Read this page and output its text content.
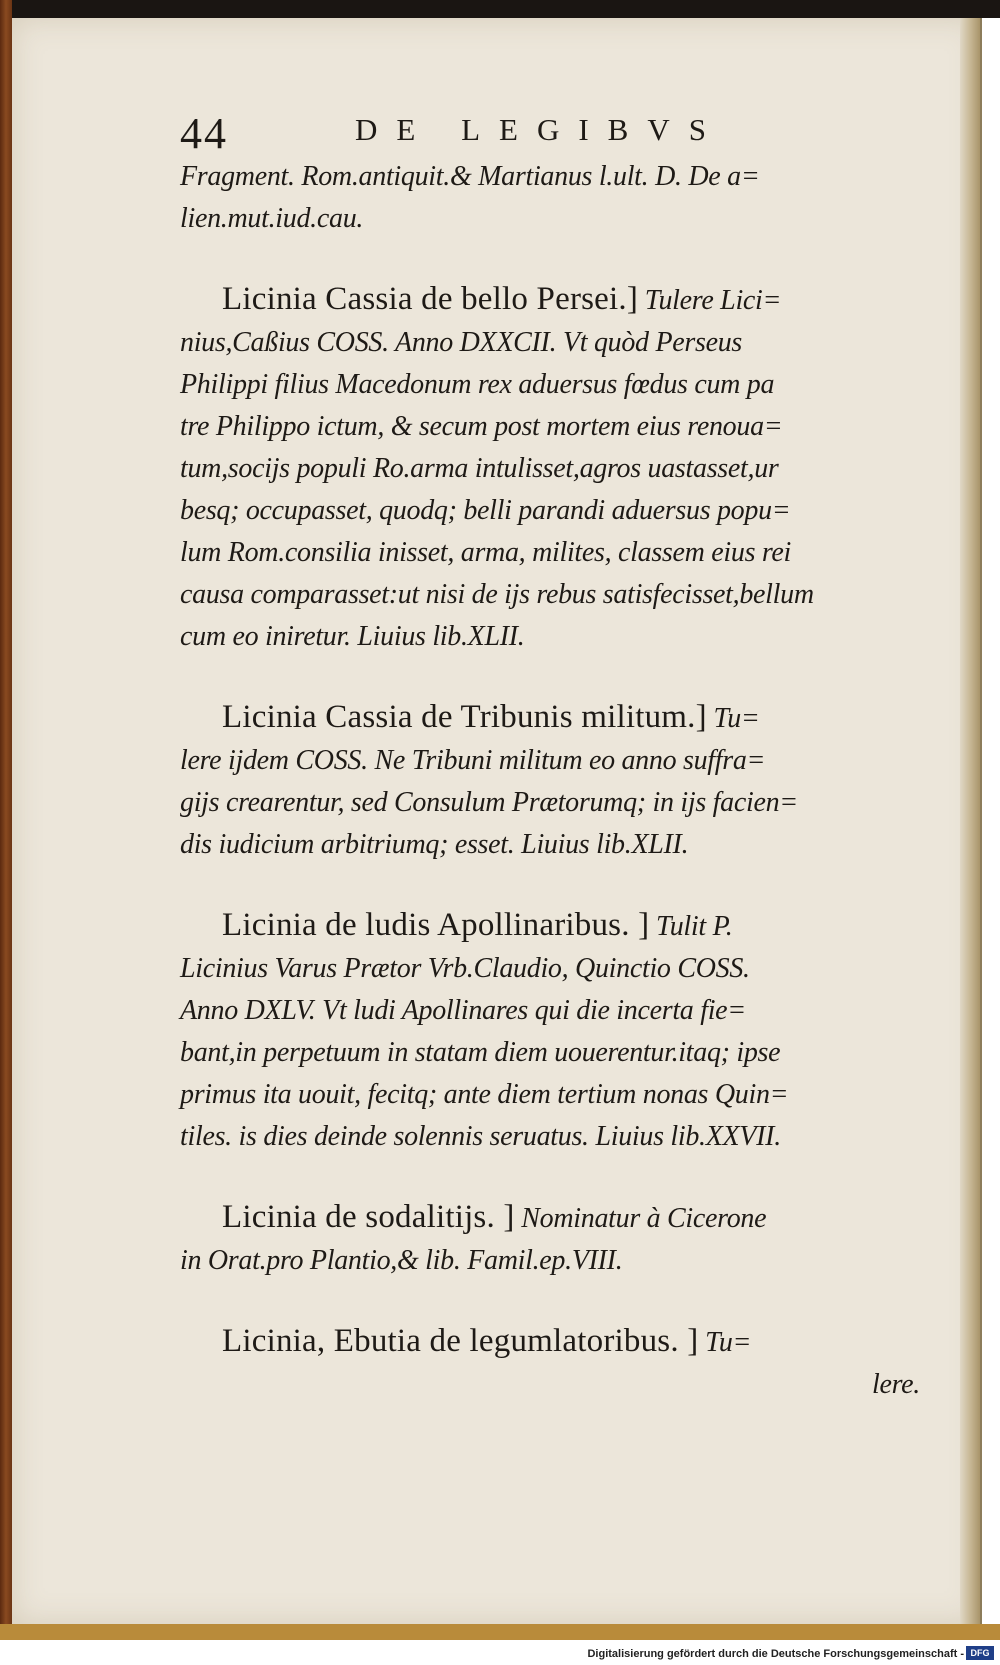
44	DE LEGIBVS
Fragment. Rom.antiquit.& Martianus l.ult. D. De a=
lien.mut.iud.cau.
Licinia Cassia de bello Persei.] Tulere Lici=
nius,Caßius COSS. Anno DXXCII. Vt quòd Perseus
Philippi filius Macedonum rex aduersus fœdus cum pa
tre Philippo ictum, & secum post mortem eius renoua=
tum,socijs populi Ro.arma intulisset,agros uastasset,ur
besq; occupasset, quodq; belli parandi aduersus popu=
lum Rom.consilia inisset, arma, milites, classem eius rei
causa comparasset:ut nisi de ijs rebus satisfecisset,bellum
cum eo iniretur. Liuius lib.XLII.
Licinia Cassia de Tribunis militum.] Tu=
lere ijdem COSS. Ne Tribuni militum eo anno suffra=
gijs crearentur, sed Consulum Prætorumq; in ijs facien=
dis iudicium arbitriumq; esset. Liuius lib.XLII.
Licinia de ludis Apollinaribus. ] Tulit P.
Licinius Varus Prætor Vrb.Claudio, Quinctio COSS.
Anno DXLV. Vt ludi Apollinares qui die incerta fie=
bant,in perpetuum in statam diem uouerentur.itaq; ipse
primus ita uouit, fecitq; ante diem tertium nonas Quin=
tiles. is dies deinde solennis seruatus. Liuius lib.XXVII.
Licinia de sodalitijs. ] Nominatur à Cicerone
in Orat.pro Plantio,& lib. Famil.ep.VIII.
Licinia, Ebutia de legumlatoribus. ] Tu=
lere.
Digitalisierung gefördert durch die Deutsche Forschungsgemeinschaft - DFG
